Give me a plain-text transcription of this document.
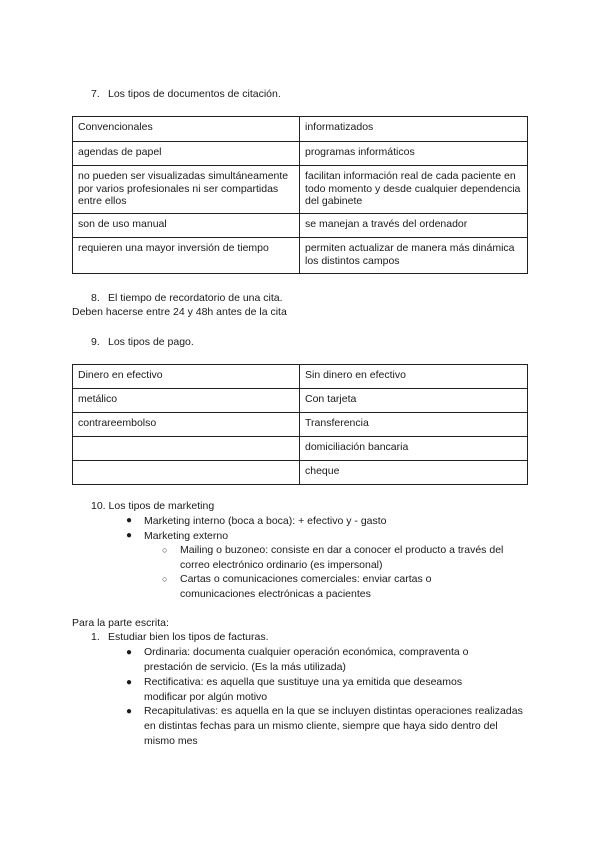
7. Los tipos de documentos de citación.
Convencionales	informatizados
agendas de papel	programas informáticos
no pueden ser visualizadas simultáneamente por varios profesionales ni ser compartidas entre ellos	facilitan información real de cada paciente en todo momento y desde cualquier dependencia del gabinete
son de uso manual	se manejan a través del ordenador
requieren una mayor inversión de tiempo	permiten actualizar de manera más dinámica los distintos campos
8. El tiempo de recordatorio de una cita.
Deben hacerse entre 24 y 48h antes de la cita
9. Los tipos de pago.
Dinero en efectivo	Sin dinero en efectivo
metálico	Con tarjeta
contrareembolso	Transferencia
	domiciliación bancaria
	cheque
10. Los tipos de marketing
● Marketing interno (boca a boca): + efectivo y - gasto
● Marketing externo
○ Mailing o buzoneo: consiste en dar a conocer el producto a través del correo electrónico ordinario (es impersonal)
○ Cartas o comunicaciones comerciales: enviar cartas o comunicaciones electrónicas a pacientes
Para la parte escrita:
1. Estudiar bien los tipos de facturas.
● Ordinaria: documenta cualquier operación económica, compraventa o prestación de servicio. (Es la más utilizada)
● Rectificativa: es aquella que sustituye una ya emitida que deseamos modificar por algún motivo
● Recapitulativas: es aquella en la que se incluyen distintas operaciones realizadas en distintas fechas para un mismo cliente, siempre que haya sido dentro del mismo mes
